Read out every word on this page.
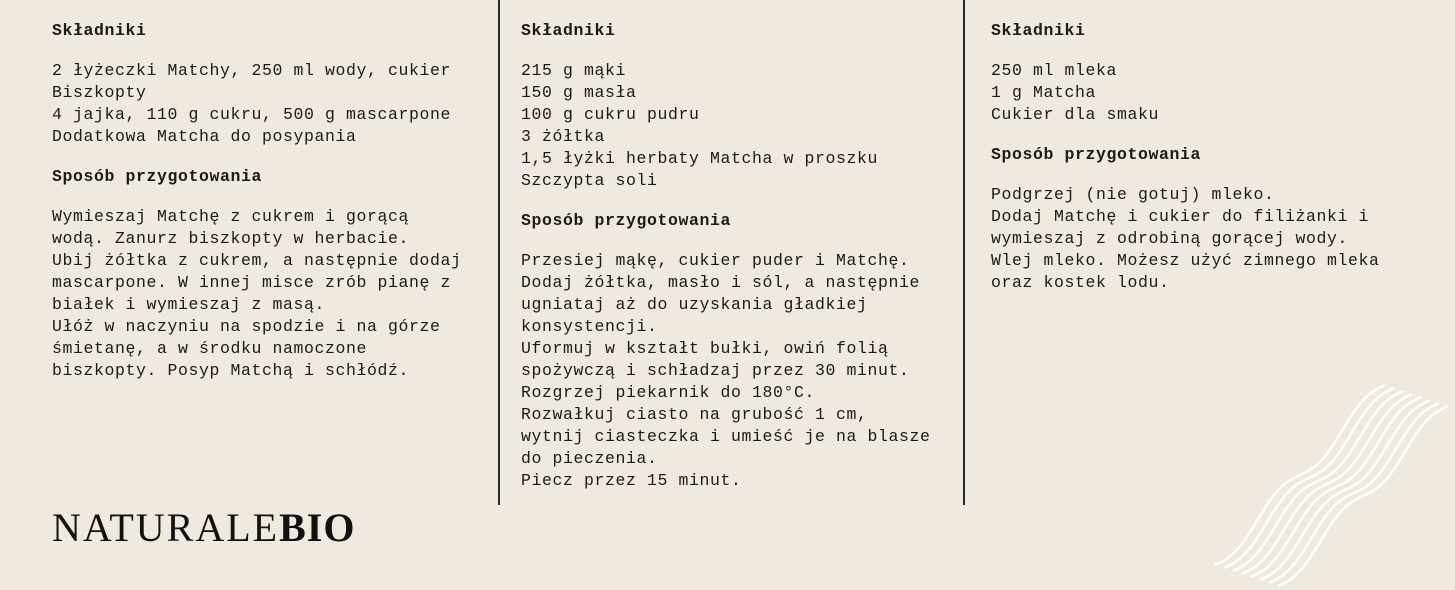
Składniki
2 łyżeczki Matchy, 250 ml wody, cukier
Biszkopty
4 jajka, 110 g cukru, 500 g mascarpone
Dodatkowa Matcha do posypania
Sposób przygotowania
Wymieszaj Matchę z cukrem i gorącą
wodą. Zanurz biszkopty w herbacie.
Ubij żółtka z cukrem, a następnie dodaj
mascarpone. W innej misce zrób pianę z
białek i wymieszaj z masą.
Ułóż w naczyniu na spodzie i na górze
śmietanę, a w środku namoczone
biszkopty. Posyp Matchą i schłódź.
Składniki
215 g mąki
150 g masła
100 g cukru pudru
3 żółtka
1,5 łyżki herbaty Matcha w proszku
Szczypta soli
Sposób przygotowania
Przesiej mąkę, cukier puder i Matchę.
Dodaj żółtka, masło i sól, a następnie
ugniataj aż do uzyskania gładkiej
konsystencji.
Uformuj w kształt bułki, owiń folią
spożywczą i schładzaj przez 30 minut.
Rozgrzej piekarnik do 180°C.
Rozwałkuj ciasto na grubość 1 cm,
wytnij ciasteczka i umieść je na blasze
do pieczenia.
Piecz przez 15 minut.
Składniki
250 ml mleka
1 g Matcha
Cukier dla smaku
Sposób przygotowania
Podgrzej (nie gotuj) mleko.
Dodaj Matchę i cukier do filiżanki i
wymieszaj z odrobiną gorącej wody.
Wlej mleko. Możesz użyć zimnego mleka
oraz kostek lodu.
NATURALEBIO
